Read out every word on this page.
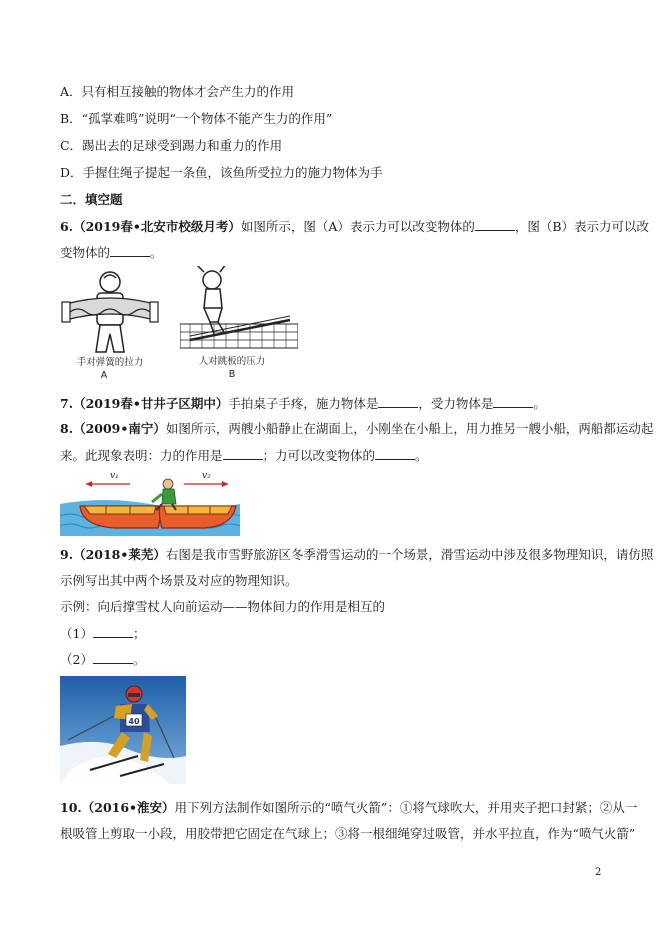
A．只有相互接触的物体才会产生力的作用
B．“孤掌难鸣”说明“一个物体不能产生力的作用”
C．踢出去的足球受到踢力和重力的作用
D．手握住绳子提起一条鱼，该鱼所受拉力的施力物体为手
二．填空题
6.（2019春•北安市校级月考）如图所示，图（A）表示力可以改变物体的	，图（B）表示力可以改
变物体的	。
手对弹簧的拉力
A
人对跳板的压力
B
7.（2019春•甘井子区期中）手拍桌子手疼，施力物体是	，受力物体是	。
8.（2009•南宁）如图所示，两艘小船静止在湖面上，小刚坐在小船上，用力推另一艘小船，两船都运动起
来。此现象表明：力的作用是	；力可以改变物体的	。
v₁	v₂
9.（2018•莱芜）右图是我市雪野旅游区冬季滑雪运动的一个场景，滑雪运动中涉及很多物理知识，请仿照
示例写出其中两个场景及对应的物理知识。
示例：向后撑雪杖人向前运动——物体间力的作用是相互的
（1）	；
（2）	。
40
10.（2016•淮安）用下列方法制作如图所示的“喷气火箭”：①将气球吹大，并用夹子把口封紧；②从一
根吸管上剪取一小段，用胶带把它固定在气球上；③将一根细绳穿过吸管，并水平拉直，作为“喷气火箭”
2
